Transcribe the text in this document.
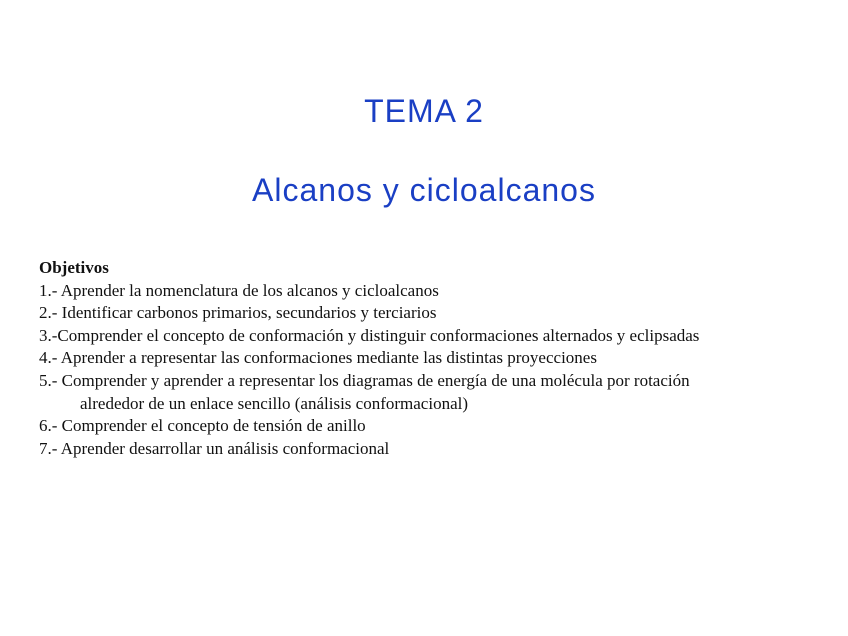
TEMA 2
Alcanos y cicloalcanos

Objetivos

1.- Aprender la nomenclatura de los alcanos y cicloalcanos
2.- Identificar carbonos primarios, secundarios y terciarios
3.-Comprender el concepto de conformación y distinguir conformaciones alternados y eclipsadas
4.- Aprender a representar las conformaciones mediante las distintas proyecciones
5.- Comprender y aprender a representar los diagramas de energía de una molécula por rotación
alrededor de un enlace sencillo (análisis conformacional)
6.- Comprender el concepto de tensión de anillo
7.- Aprender desarrollar un análisis conformacional
